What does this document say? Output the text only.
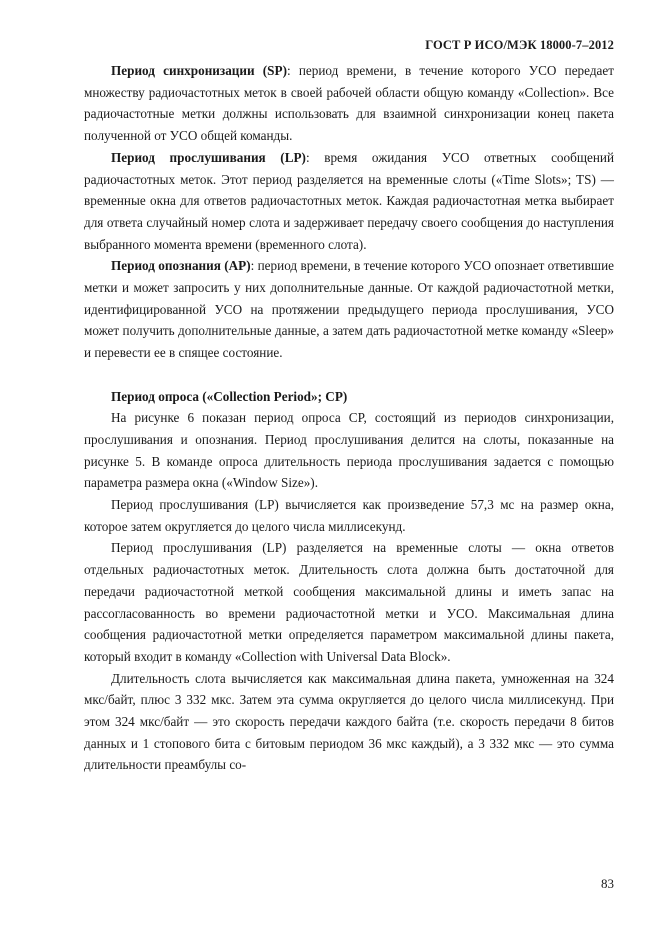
ГОСТ Р ИСО/МЭК 18000-7–2012

Период синхронизации (SP): период времени, в течение которого УСО передает множеству радиочастотных меток в своей рабочей области общую команду «Collection». Все радиочастотные метки должны использовать для взаимной синхронизации конец пакета полученной от УСО общей команды.

Период прослушивания (LP): время ожидания УСО ответных сообщений радиочастотных меток. Этот период разделяется на временные слоты («Time Slots»; TS) — временные окна для ответов радиочастотных меток. Каждая радиочастотная метка выбирает для ответа случайный номер слота и задерживает передачу своего сообщения до наступления выбранного момента времени (временного слота).

Период опознания (AP): период времени, в течение которого УСО опознает ответившие метки и может запросить у них дополнительные данные. От каждой радиочастотной метки, идентифицированной УСО на протяжении предыдущего периода прослушивания, УСО может получить дополнительные данные, а затем дать радиочастотной метке команду «Sleep» и перевести ее в спящее состояние.

Период опроса («Collection Period»; CP)

На рисунке 6 показан период опроса CP, состоящий из периодов синхронизации, прослушивания и опознания. Период прослушивания делится на слоты, показанные на рисунке 5. В команде опроса длительность периода прослушивания задается с помощью параметра размера окна («Window Size»).

Период прослушивания (LP) вычисляется как произведение 57,3 мс на размер окна, которое затем округляется до целого числа миллисекунд.

Период прослушивания (LP) разделяется на временные слоты — окна ответов отдельных радиочастотных меток. Длительность слота должна быть достаточной для передачи радиочастотной меткой сообщения максимальной длины и иметь запас на рассогласованность во времени радиочастотной метки и УСО. Максимальная длина сообщения радиочастотной метки определяется параметром максимальной длины пакета, который входит в команду «Collection with Universal Data Block».

Длительность слота вычисляется как максимальная длина пакета, умноженная на 324 мкс/байт, плюс 3 332 мкс. Затем эта сумма округляется до целого числа миллисекунд. При этом 324 мкс/байт — это скорость передачи каждого байта (т.е. скорость передачи 8 битов данных и 1 стопового бита с битовым периодом 36 мкс каждый), а 3 332 мкс — это сумма длительности преамбулы со-

83
